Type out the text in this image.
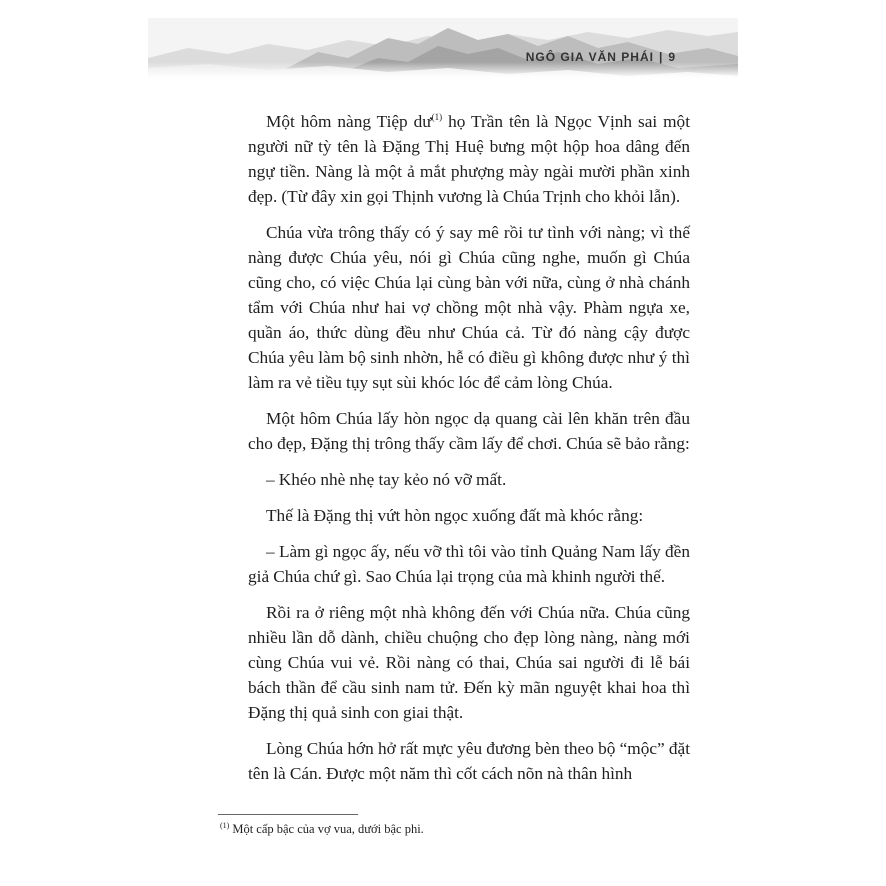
NGÔ GIA VĂN PHÁI | 9

Một hôm nàng Tiệp dư$^{(1)}$ họ Trần tên là Ngọc Vịnh sai một người nữ tỳ tên là Đặng Thị Huệ bưng một hộp hoa dâng đến ngự tiền. Nàng là một ả mắt phượng mày ngài mười phần xinh đẹp. (Từ đây xin gọi Thịnh vương là Chúa Trịnh cho khỏi lẫn).

Chúa vừa trông thấy có ý say mê rồi tư tình với nàng; vì thế nàng được Chúa yêu, nói gì Chúa cũng nghe, muốn gì Chúa cũng cho, có việc Chúa lại cùng bàn với nữa, cùng ở nhà chánh tẩm với Chúa như hai vợ chồng một nhà vậy. Phàm ngựa xe, quần áo, thức dùng đều như Chúa cả. Từ đó nàng cậy được Chúa yêu làm bộ sinh nhờn, hễ có điều gì không được như ý thì làm ra vẻ tiều tụy sụt sùi khóc lóc để cảm lòng Chúa.

Một hôm Chúa lấy hòn ngọc dạ quang cài lên khăn trên đầu cho đẹp, Đặng thị trông thấy cầm lấy để chơi. Chúa sẽ bảo rằng:

– Khéo nhè nhẹ tay kẻo nó vỡ mất.

Thế là Đặng thị vứt hòn ngọc xuống đất mà khóc rằng:

– Làm gì ngọc ấy, nếu vỡ thì tôi vào tỉnh Quảng Nam lấy đền giả Chúa chứ gì. Sao Chúa lại trọng của mà khinh người thế.

Rồi ra ở riêng một nhà không đến với Chúa nữa. Chúa cũng nhiều lần dỗ dành, chiều chuộng cho đẹp lòng nàng, nàng mới cùng Chúa vui vẻ. Rồi nàng có thai, Chúa sai người đi lễ bái bách thần để cầu sinh nam tử. Đến kỳ mãn nguyệt khai hoa thì Đặng thị quả sinh con giai thật.

Lòng Chúa hớn hở rất mực yêu đương bèn theo bộ “mộc” đặt tên là Cán. Được một năm thì cốt cách nõn nà thân hình

$^{(1)}$ Một cấp bậc của vợ vua, dưới bậc phi.
